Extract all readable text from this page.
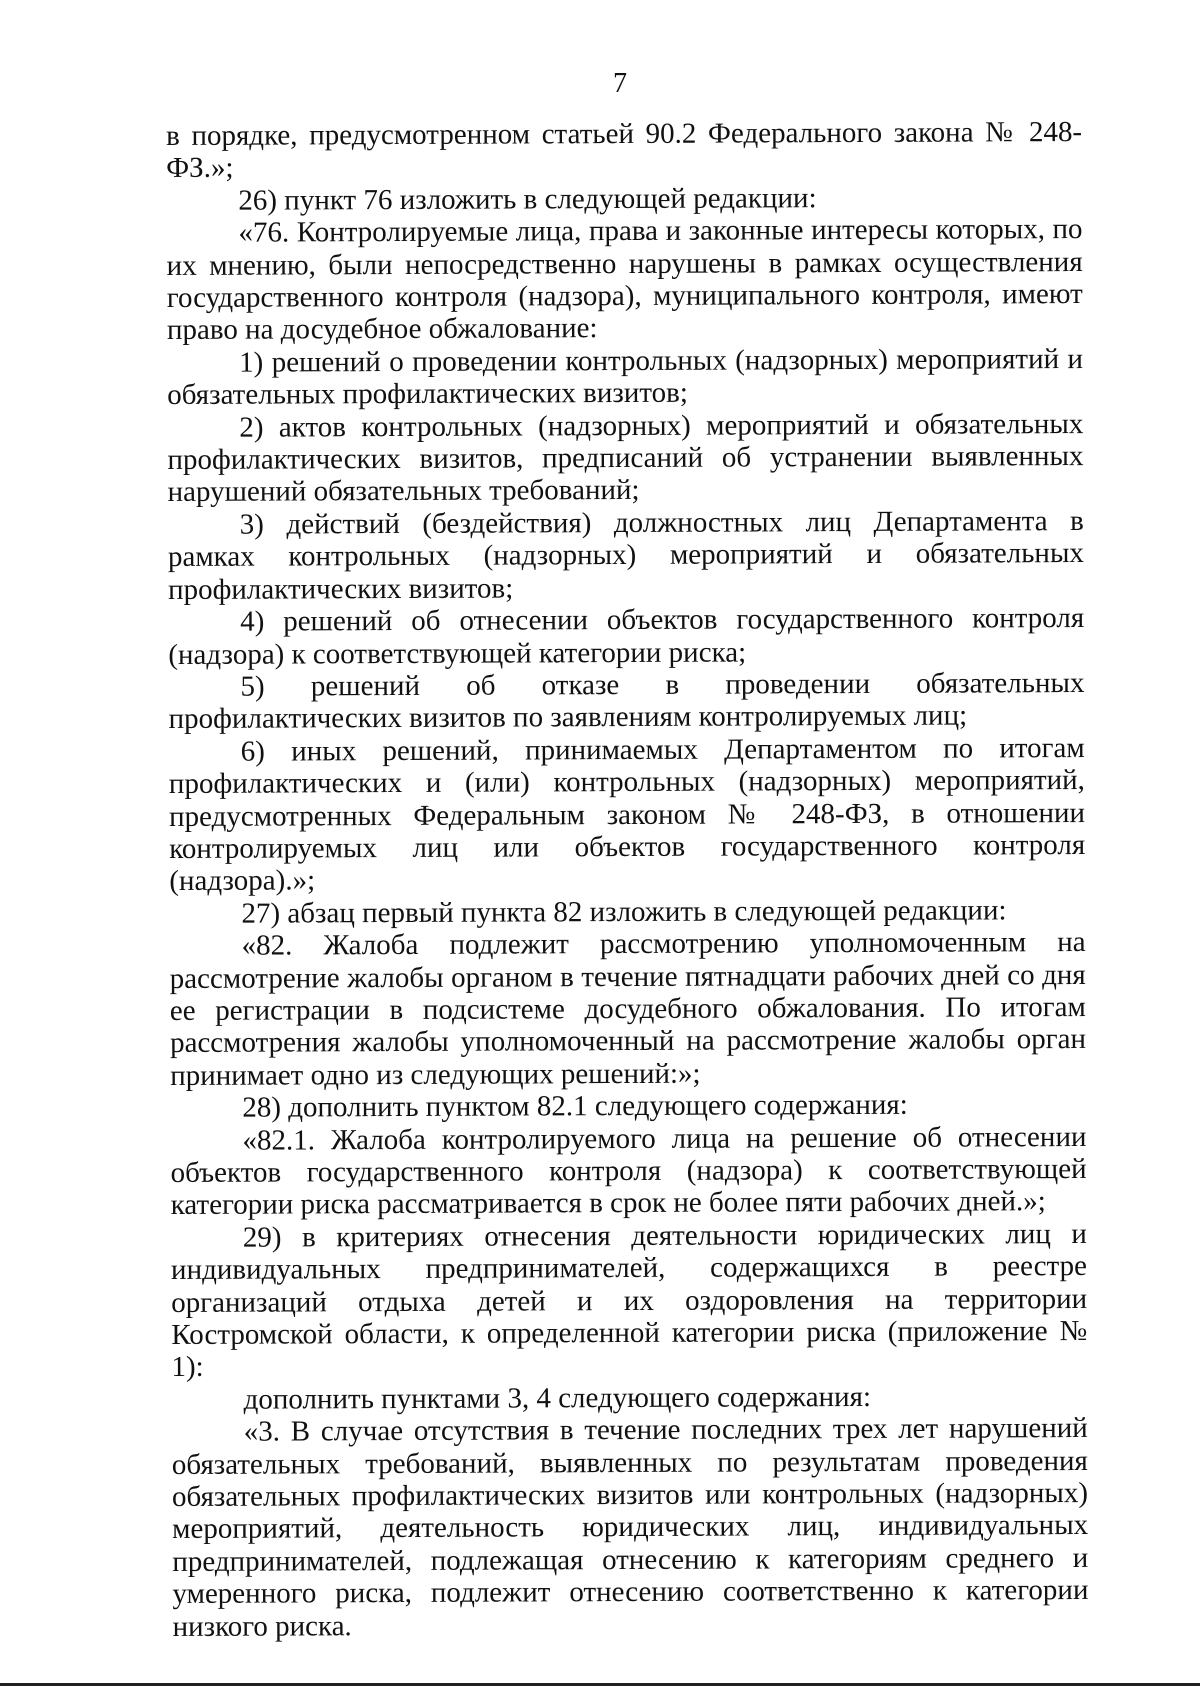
7

в порядке, предусмотренном статьей 90.2 Федерального закона № 248-ФЗ.»;

26) пункт 76 изложить в следующей редакции:

«76. Контролируемые лица, права и законные интересы которых, по их мнению, были непосредственно нарушены в рамках осуществления государственного контроля (надзора), муниципального контроля, имеют право на досудебное обжалование:

1) решений о проведении контрольных (надзорных) мероприятий и обязательных профилактических визитов;

2) актов контрольных (надзорных) мероприятий и обязательных профилактических визитов, предписаний об устранении выявленных нарушений обязательных требований;

3) действий (бездействия) должностных лиц Департамента в рамках контрольных (надзорных) мероприятий и обязательных профилактических визитов;

4) решений об отнесении объектов государственного контроля (надзора) к соответствующей категории риска;

5) решений об отказе в проведении обязательных профилактических визитов по заявлениям контролируемых лиц;

6) иных решений, принимаемых Департаментом по итогам профилактических и (или) контрольных (надзорных) мероприятий, предусмотренных Федеральным законом № 248-ФЗ, в отношении контролируемых лиц или объектов государственного контроля (надзора).»;

27) абзац первый пункта 82 изложить в следующей редакции:

«82. Жалоба подлежит рассмотрению уполномоченным на рассмотрение жалобы органом в течение пятнадцати рабочих дней со дня ее регистрации в подсистеме досудебного обжалования. По итогам рассмотрения жалобы уполномоченный на рассмотрение жалобы орган принимает одно из следующих решений:»;

28) дополнить пунктом 82.1 следующего содержания:

«82.1. Жалоба контролируемого лица на решение об отнесении объектов государственного контроля (надзора) к соответствующей категории риска рассматривается в срок не более пяти рабочих дней.»;

29) в критериях отнесения деятельности юридических лиц и индивидуальных предпринимателей, содержащихся в реестре организаций отдыха детей и их оздоровления на территории Костромской области, к определенной категории риска (приложение № 1):

дополнить пунктами 3, 4 следующего содержания:

«3. В случае отсутствия в течение последних трех лет нарушений обязательных требований, выявленных по результатам проведения обязательных профилактических визитов или контрольных (надзорных) мероприятий, деятельность юридических лиц, индивидуальных предпринимателей, подлежащая отнесению к категориям среднего и умеренного риска, подлежит отнесению соответственно к категории низкого риска.
